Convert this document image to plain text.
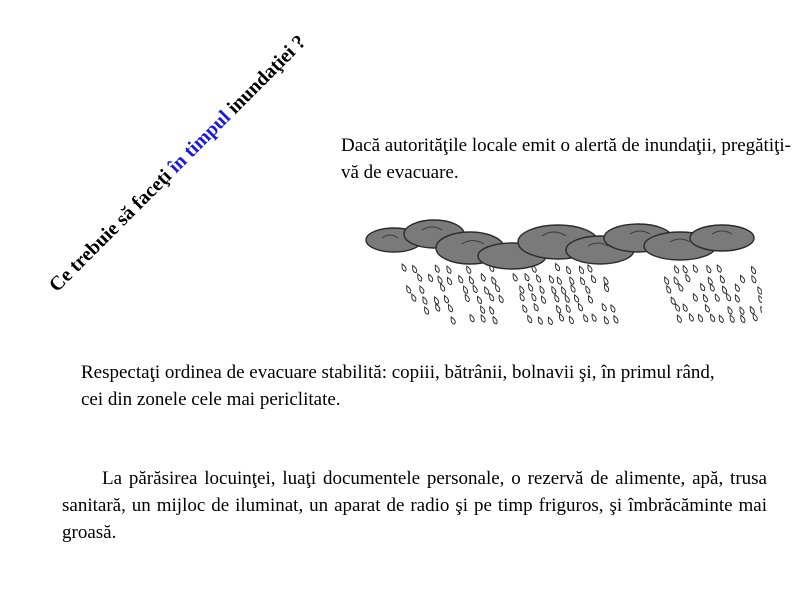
Ce trebuie să faceţi în timpul inundaţiei ?
Dacă autorităţile locale emit o alertă de inundaţii, pregătiţi-vă de evacuare.
Respectaţi ordinea de evacuare stabilită: copiii, bătrânii, bolnavii şi, în primul rând, cei din zonele cele mai periclitate.
La părăsirea locuinţei, luaţi documentele personale, o rezervă de alimente, apă, trusa sanitară, un mijloc de iluminat, un aparat de radio şi pe timp friguros, şi îmbrăcăminte mai groasă.
